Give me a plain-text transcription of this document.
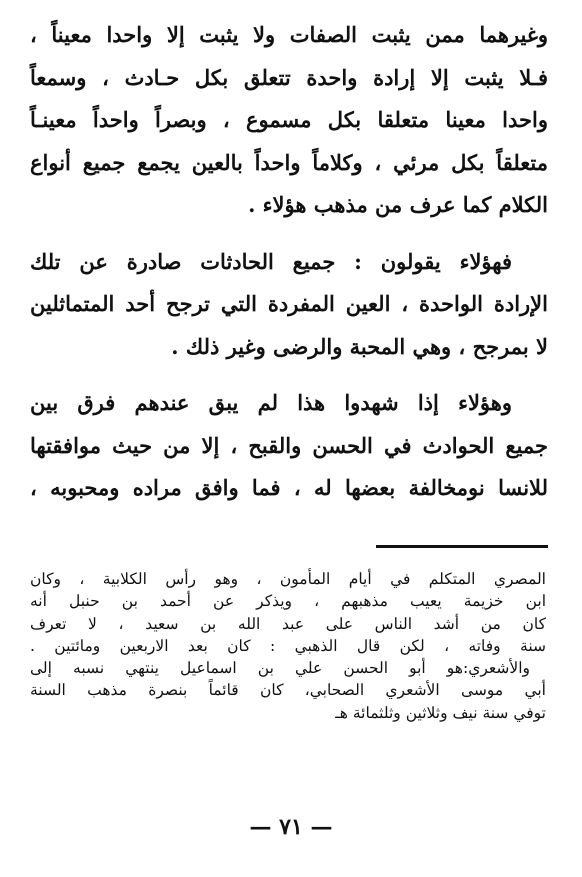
وغيرهما ممن يثبت الصفات ولا يثبت إلا واحدا معيناً ،
فـلا يثبت إلا إرادة واحدة تتعلق بكل حـادث ، وسمعاً
واحدا معينا متعلقا بكل مسموع ، وبصراً واحداً معينـاً
متعلقاً بكل مرئي ، وكلاماً واحداً بالعين يجمع جميع أنواع
الكلام كما عرف من مذهب هؤلاء .

فهؤلاء يقولون : جميع الحادثات صادرة عن تلك
الإرادة الواحدة ، العين المفردة التي ترجح أحد المتماثلين
لا بمرجح ، وهي المحبة والرضى وغير ذلك .

وهؤلاء إذا شهدوا هذا لم يبق عندهم فرق بين
جميع الحوادث في الحسن والقبح ، إلا من حيث موافقتها
للانسا نومخالفة بعضها له ، فما وافق مراده ومحبوبه ،

المصري المتكلم في أيام المأمون ، وهو رأس الكلابية ، وكان
ابن خزيمة يعيب مذهبهم ، ويذكر عن أحمد بن حنبل أنه
كان من أشد الناس على عبد الله بن سعيد ، لا تعرف
سنة وفاته ، لكن قال الذهبي : كان بعد الاربعين ومائتين .
والأشعري:هو أبو الحسن علي بن اسماعيل ينتهي نسبه إلى
أبي موسى الأشعري الصحابي، كان قائماً بنصرة مذهب السنة
توفي سنة نيف وثلاثين وثلثمائة هـ
— ٧١ —
